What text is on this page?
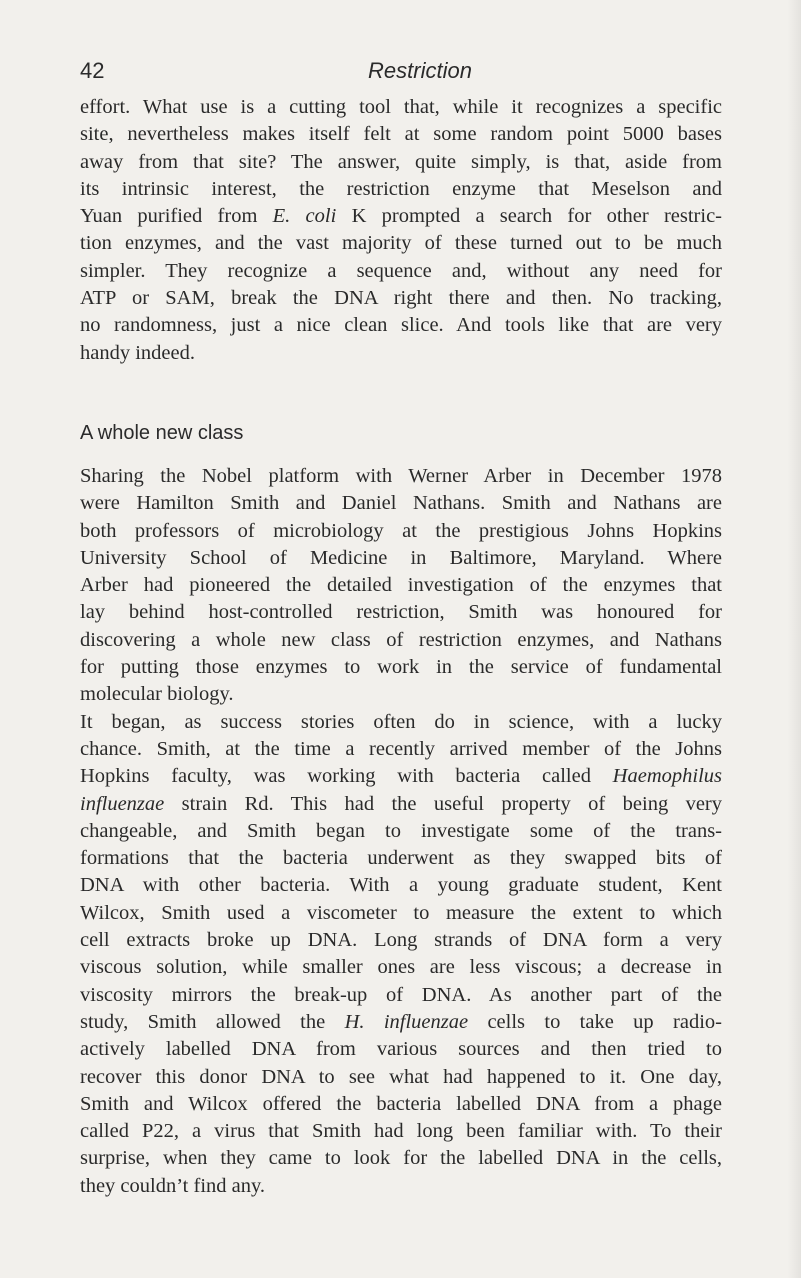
42	Restriction
effort. What use is a cutting tool that, while it recognizes a specific
site, nevertheless makes itself felt at some random point 5000 bases
away from that site? The answer, quite simply, is that, aside from
its intrinsic interest, the restriction enzyme that Meselson and
Yuan purified from E. coli K prompted a search for other restric-
tion enzymes, and the vast majority of these turned out to be much
simpler. They recognize a sequence and, without any need for
ATP or SAM, break the DNA right there and then. No tracking,
no randomness, just a nice clean slice. And tools like that are very
handy indeed.
A whole new class
Sharing the Nobel platform with Werner Arber in December 1978
were Hamilton Smith and Daniel Nathans. Smith and Nathans are
both professors of microbiology at the prestigious Johns Hopkins
University School of Medicine in Baltimore, Maryland. Where
Arber had pioneered the detailed investigation of the enzymes that
lay behind host-controlled restriction, Smith was honoured for
discovering a whole new class of restriction enzymes, and Nathans
for putting those enzymes to work in the service of fundamental
molecular biology.
It began, as success stories often do in science, with a lucky
chance. Smith, at the time a recently arrived member of the Johns
Hopkins faculty, was working with bacteria called Haemophilus
influenzae strain Rd. This had the useful property of being very
changeable, and Smith began to investigate some of the trans-
formations that the bacteria underwent as they swapped bits of
DNA with other bacteria. With a young graduate student, Kent
Wilcox, Smith used a viscometer to measure the extent to which
cell extracts broke up DNA. Long strands of DNA form a very
viscous solution, while smaller ones are less viscous; a decrease in
viscosity mirrors the break-up of DNA. As another part of the
study, Smith allowed the H. influenzae cells to take up radio-
actively labelled DNA from various sources and then tried to
recover this donor DNA to see what had happened to it. One day,
Smith and Wilcox offered the bacteria labelled DNA from a phage
called P22, a virus that Smith had long been familiar with. To their
surprise, when they came to look for the labelled DNA in the cells,
they couldn’t find any.
